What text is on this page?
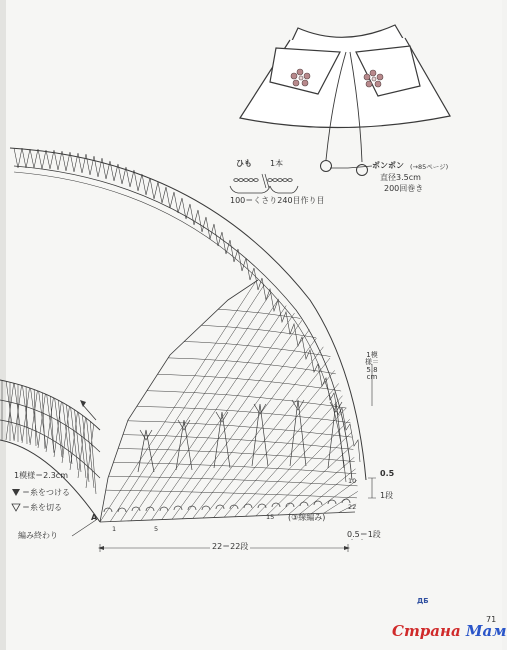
ひも 1本
100＝くさり240目作り目
ポンポン (→85ページ)
直径3.5cm
200回巻き
1模様＝5.8cm
1模様＝2.3cm
＝糸をつける
＝糸を切る
編み終わり
A
1	5
15
22
10
(③線編み)
22＝22段
0.5＝1段
0.5
1段
ДБ
71
Страна Мам
